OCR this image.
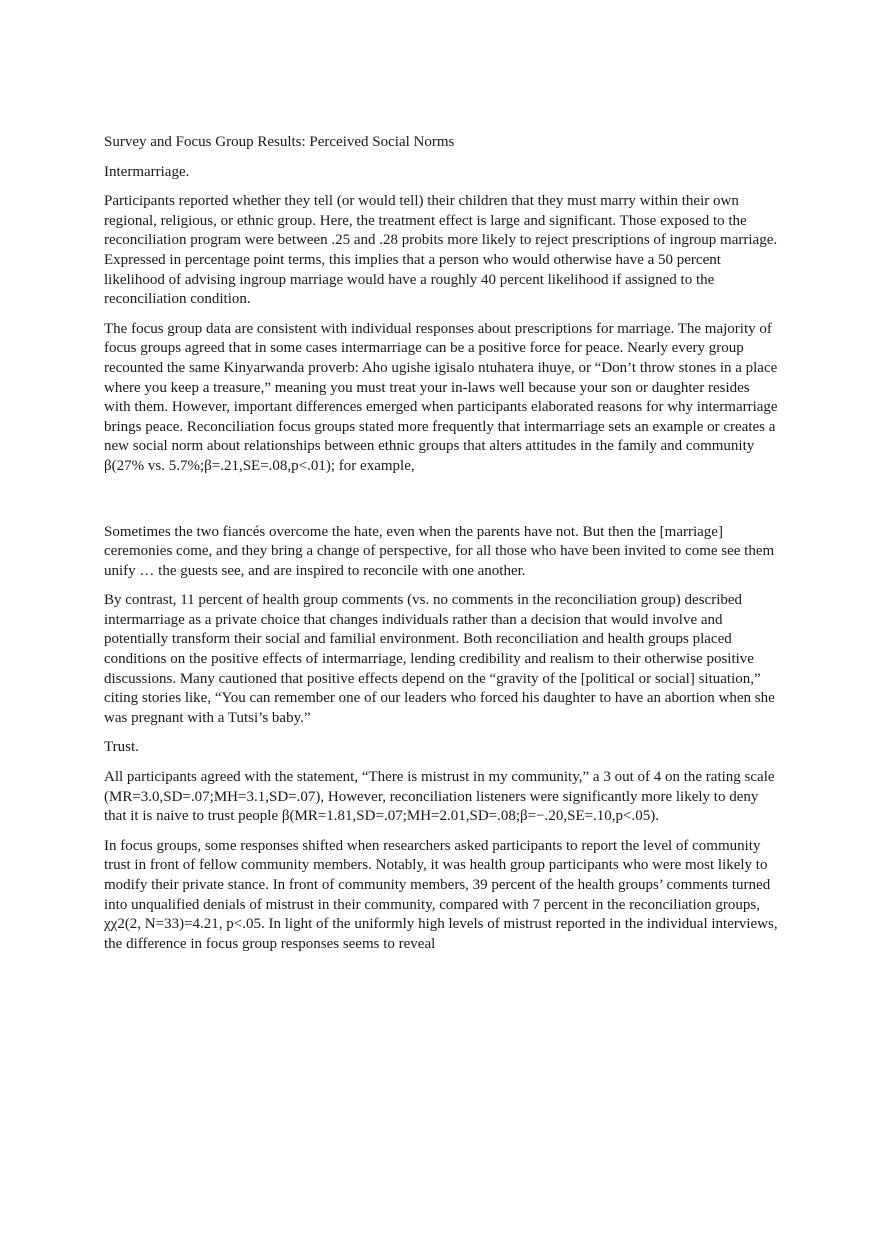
Survey and Focus Group Results: Perceived Social Norms

Intermarriage.

Participants reported whether they tell (or would tell) their children that they must marry within their own regional, religious, or ethnic group. Here, the treatment effect is large and significant. Those exposed to the reconciliation program were between .25 and .28 probits more likely to reject prescriptions of ingroup marriage. Expressed in percentage point terms, this implies that a person who would otherwise have a 50 percent likelihood of advising ingroup marriage would have a roughly 40 percent likelihood if assigned to the reconciliation condition.

The focus group data are consistent with individual responses about prescriptions for marriage. The majority of focus groups agreed that in some cases intermarriage can be a positive force for peace. Nearly every group recounted the same Kinyarwanda proverb: Aho ugishe igisalo ntuhatera ihuye, or “Don’t throw stones in a place where you keep a treasure,” meaning you must treat your in-laws well because your son or daughter resides with them. However, important differences emerged when participants elaborated reasons for why intermarriage brings peace. Reconciliation focus groups stated more frequently that intermarriage sets an example or creates a new social norm about relationships between ethnic groups that alters attitudes in the family and community β(27% vs. 5.7%;β=.21,SE=.08,p<.01); for example,

Sometimes the two fiancés overcome the hate, even when the parents have not. But then the [marriage] ceremonies come, and they bring a change of perspective, for all those who have been invited to come see them unify … the guests see, and are inspired to reconcile with one another.

By contrast, 11 percent of health group comments (vs. no comments in the reconciliation group) described intermarriage as a private choice that changes individuals rather than a decision that would involve and potentially transform their social and familial environment. Both reconciliation and health groups placed conditions on the positive effects of intermarriage, lending credibility and realism to their otherwise positive discussions. Many cautioned that positive effects depend on the “gravity of the [political or social] situation,” citing stories like, “You can remember one of our leaders who forced his daughter to have an abortion when she was pregnant with a Tutsi’s baby.”

Trust.

All participants agreed with the statement, “There is mistrust in my community,” a 3 out of 4 on the rating scale (MR=3.0,SD=.07;MH=3.1,SD=.07), However, reconciliation listeners were significantly more likely to deny that it is naive to trust people β(MR=1.81,SD=.07;MH=2.01,SD=.08;β=−.20,SE=.10,p<.05).

In focus groups, some responses shifted when researchers asked participants to report the level of community trust in front of fellow community members. Notably, it was health group participants who were most likely to modify their private stance. In front of community members, 39 percent of the health groups’ comments turned into unqualified denials of mistrust in their community, compared with 7 percent in the reconciliation groups, χχ2(2, N=33)=4.21, p<.05. In light of the uniformly high levels of mistrust reported in the individual interviews, the difference in focus group responses seems to reveal
